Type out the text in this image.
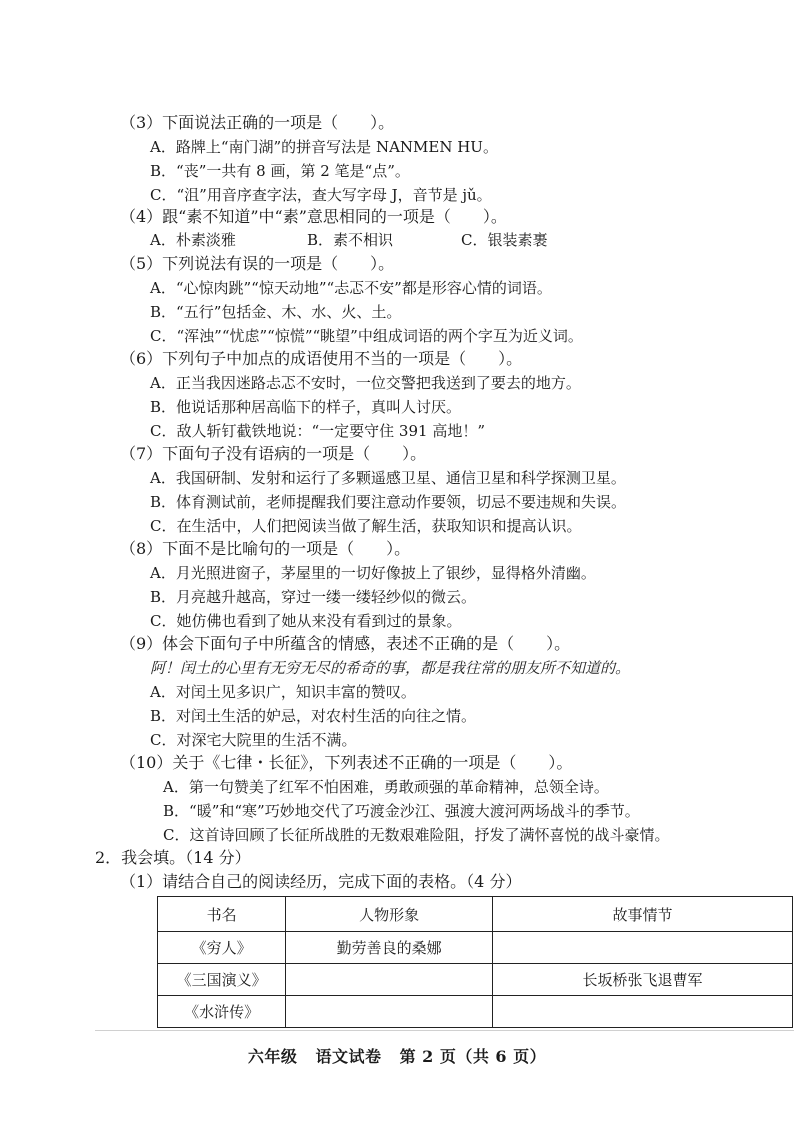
（3）下面说法正确的一项是（　　）。
A．路牌上“南门湖”的拼音写法是 NANMEN HU。
B．“丧”一共有 8 画，第 2 笔是“点”。
C．“沮”用音序查字法，查大写字母 J，音节是 jǔ。
（4）跟“素不知道”中“素”意思相同的一项是（　　）。
A．朴素淡雅	B．素不相识	C．银装素裹
（5）下列说法有误的一项是（　　）。
A．“心惊肉跳”“惊天动地”“忐忑不安”都是形容心情的词语。
B．“五行”包括金、木、水、火、土。
C．“浑浊”“忧虑”“惊慌”“眺望”中组成词语的两个字互为近义词。
（6）下列句子中加点的成语使用不当的一项是（　　）。
A．正当我因迷路忐忑不安时，一位交警把我送到了要去的地方。
B．他说话那种居高临下的样子，真叫人讨厌。
C．敌人斩钉截铁地说：“一定要守住 391 高地！”
（7）下面句子没有语病的一项是（　　）。
A．我国研制、发射和运行了多颗遥感卫星、通信卫星和科学探测卫星。
B．体育测试前，老师提醒我们要注意动作要领，切忌不要违规和失误。
C．在生活中，人们把阅读当做了解生活，获取知识和提高认识。
（8）下面不是比喻句的一项是（　　）。
A．月光照进窗子，茅屋里的一切好像披上了银纱，显得格外清幽。
B．月亮越升越高，穿过一缕一缕轻纱似的微云。
C．她仿佛也看到了她从来没有看到过的景象。
（9）体会下面句子中所蕴含的情感，表述不正确的是（　　）。
阿！闰土的心里有无穷无尽的希奇的事，都是我往常的朋友所不知道的。
A．对闰土见多识广，知识丰富的赞叹。
B．对闰土生活的妒忌，对农村生活的向往之情。
C．对深宅大院里的生活不满。
（10）关于《七律・长征》，下列表述不正确的一项是（　　）。
A．第一句赞美了红军不怕困难，勇敢顽强的革命精神，总领全诗。
B．“暖”和“寒”巧妙地交代了巧渡金沙江、强渡大渡河两场战斗的季节。
C．这首诗回顾了长征所战胜的无数艰难险阻，抒发了满怀喜悦的战斗豪情。
2．我会填。（14 分）
（1）请结合自己的阅读经历，完成下面的表格。（4 分）
书名	人物形象	故事情节
《穷人》	勤劳善良的桑娜	
《三国演义》		长坂桥张飞退曹军
《水浒传》		
六年级 语文试卷 第 2 页（共 6 页）
